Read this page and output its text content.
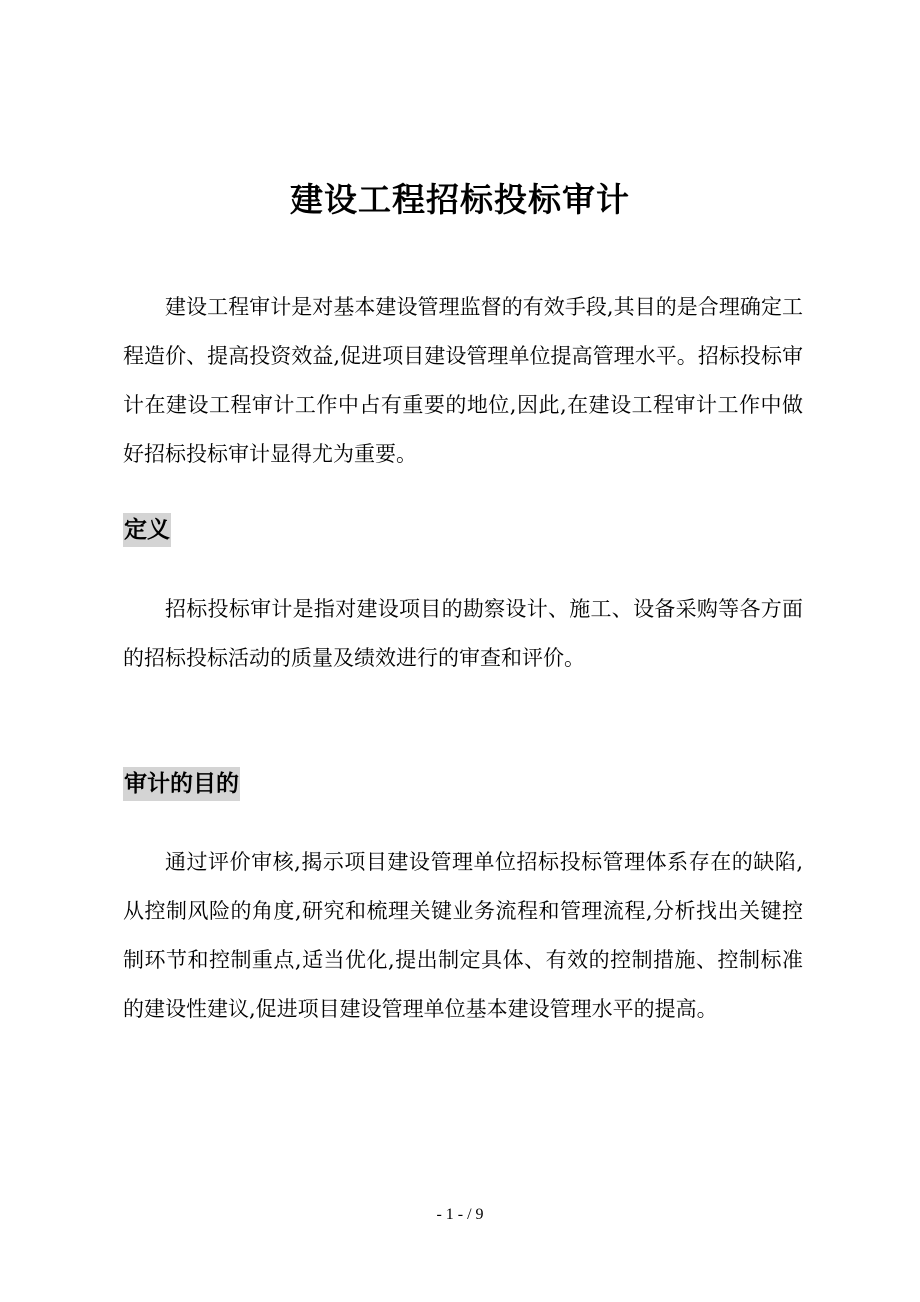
建设工程招标投标审计
建设工程审计是对基本建设管理监督的有效手段,其目的是合理确定工程造价、提高投资效益,促进项目建设管理单位提高管理水平。招标投标审计在建设工程审计工作中占有重要的地位,因此,在建设工程审计工作中做好招标投标审计显得尤为重要。
定义
招标投标审计是指对建设项目的勘察设计、施工、设备采购等各方面的招标投标活动的质量及绩效进行的审查和评价。
审计的目的
通过评价审核,揭示项目建设管理单位招标投标管理体系存在的缺陷,从控制风险的角度,研究和梳理关键业务流程和管理流程,分析找出关键控制环节和控制重点,适当优化,提出制定具体、有效的控制措施、控制标准的建设性建议,促进项目建设管理单位基本建设管理水平的提高。
- 1 - / 9
